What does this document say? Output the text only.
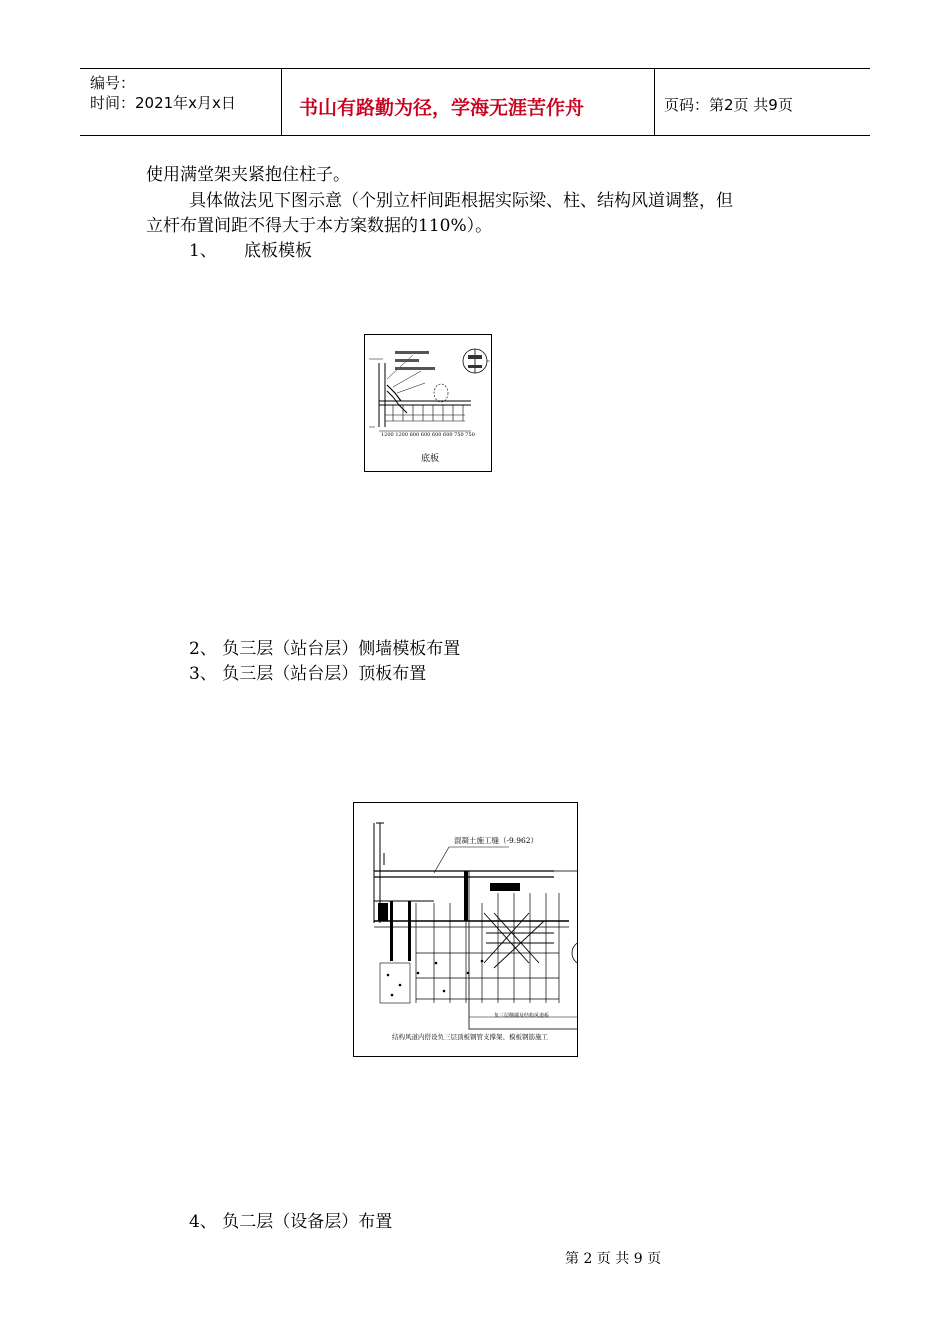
编号：
时间：2021年x月x日	书山有路勤为径，学海无涯苦作舟	页码：第2页 共9页
使用满堂架夹紧抱住柱子。
具体做法见下图示意（个别立杆间距根据实际梁、柱、结构风道调整，但
立杆布置间距不得大于本方案数据的110%）。
1、 底板模板
1200 1200 600 600 600 600 750 750
底板
2、 负三层（站台层）侧墙模板布置
3、 负三层（站台层）顶板布置
混凝土施工缝（-9.962）
负三层侧墙及结构风道板
结构风道内搭设负三层顶板钢管支撑架、模板钢筋施工
4、 负二层（设备层）布置
第 2 页 共 9 页
